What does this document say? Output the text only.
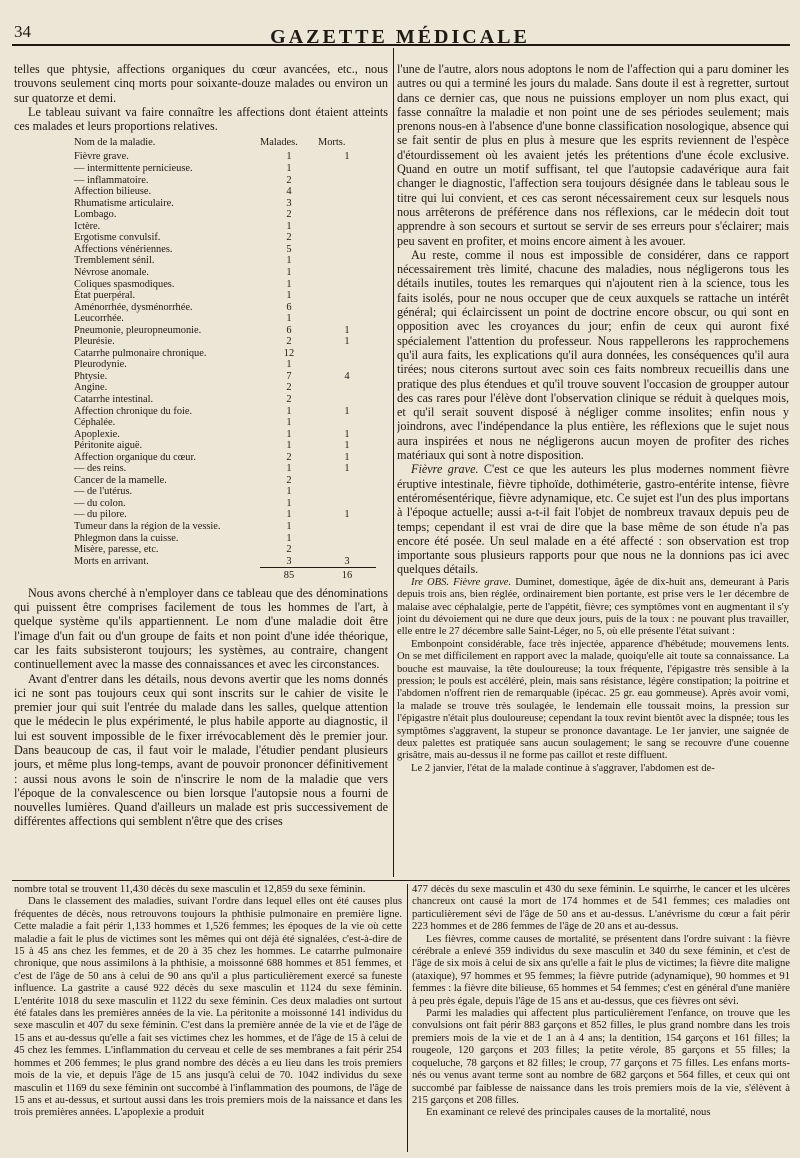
34	GAZETTE MÉDICALE

telles que phtysie, affections organiques du cœur avancées, etc., nous trouvons seulement cinq morts pour soixante-douze malades ou environ un sur quatorze et demi.

Le tableau suivant va faire connaître les affections dont étaient atteints ces malades et leurs proportions relatives.

Nom de la maladie.	Malades.	Morts.
Fièvre grave.	1	1
— intermittente pernicieuse.	1	
— inflammatoire.	2	
Affection bilieuse.	4	
Rhumatisme articulaire.	3	
Lombago.	2	
Ictère.	1	
Ergotisme convulsif.	2	
Affections vénériennes.	5	
Tremblement sénil.	1	
Névrose anomale.	1	
Coliques spasmodiques.	1	
État puerpéral.	1	
Aménorrhée, dysménorrhée.	6	
Leucorrhée.	1	
Pneumonie, pleuropneumonie.	6	1
Pleurésie.	2	1
Catarrhe pulmonaire chronique.	12	
Pleurodynie.	1	
Phtysie.	7	4
Angine.	2	
Catarrhe intestinal.	2	
Affection chronique du foie.	1	1
Céphalée.	1	
Apoplexie.	1	1
Péritonite aiguë.	1	1
Affection organique du cœur.	2	1
— des reins.	1	1
Cancer de la mamelle.	2	
— de l'utérus.	1	
— du colon.	1	
— du pilore.	1	1
Tumeur dans la région de la vessie.	1	
Phlegmon dans la cuisse.	1	
Misère, paresse, etc.	2	
Morts en arrivant.	3	3
	85	16

Nous avons cherché à n'employer dans ce tableau que des dénominations qui puissent être comprises facilement de tous les hommes de l'art, à quelque système qu'ils appartiennent. Le nom d'une maladie doit être l'image d'un fait ou d'un groupe de faits et non point d'une idée théorique, car les faits subsisteront toujours; les systèmes, au contraire, changent continuellement avec la masse des connaissances et avec les circonstances.

Avant d'entrer dans les détails, nous devons avertir que les noms donnés ici ne sont pas toujours ceux qui sont inscrits sur le cahier de visite le premier jour qui suit l'entrée du malade dans les salles, quelque attention que le médecin le plus expérimenté, le plus habile apporte au diagnostic, il lui est souvent impossible de le fixer irrévocablement dès le premier jour. Dans beaucoup de cas, il faut voir le malade, l'étudier pendant plusieurs jours, et même plus long-temps, avant de pouvoir prononcer définitivement : aussi nous avons le soin de n'inscrire le nom de la maladie que vers l'époque de la convalescence ou bien lorsque l'autopsie nous a fourni de nouvelles lumières. Quand d'ailleurs un malade est pris successivement de différentes affections qui semblent n'être que des crises

l'une de l'autre, alors nous adoptons le nom de l'affection qui a paru dominer les autres ou qui a terminé les jours du malade. Sans doute il est à regretter, surtout dans ce dernier cas, que nous ne puissions employer un nom plus exact, qui fasse connaître la maladie et non point une de ses périodes seulement; mais prenons nous-en à l'absence d'une bonne classification nosologique, absence qui se fait sentir de plus en plus à mesure que les esprits reviennent de l'espèce d'étourdissement où les avaient jetés les prétentions d'une école exclusive. Quand en outre un motif suffisant, tel que l'autopsie cadavérique aura fait changer le diagnostic, l'affection sera toujours désignée dans le tableau sous le titre qui lui convient, et ces cas seront nécessairement ceux sur lesquels nous nous arrêterons de préférence dans nos réflexions, car le médecin doit tout apprendre à son secours et surtout se servir de ses erreurs pour s'éclairer; mais peu savent en profiter, et moins encore aiment à les avouer.

Au reste, comme il nous est impossible de considérer, dans ce rapport nécessairement très limité, chacune des maladies, nous négligerons tous les détails inutiles, toutes les remarques qui n'ajoutent rien à la science, tous les faits isolés, pour ne nous occuper que de ceux auxquels se rattache un intérêt général; qui éclaircissent un point de doctrine encore obscur, ou qui sont en opposition avec les croyances du jour; enfin de ceux qui auront fixé spécialement l'attention du professeur. Nous rappellerons les rapprochemens qu'il aura faits, les explications qu'il aura données, les conséquences qu'il aura tirées; nous citerons surtout avec soin ces faits nombreux recueillis dans une pratique des plus étendues et qu'il trouve souvent l'occasion de groupper autour des cas rares pour l'élève dont l'observation clinique se réduit à quelques mois, et qu'il serait souvent disposé à négliger comme insolites; enfin nous y joindrons, avec l'indépendance la plus entière, les réflexions que le sujet nous aura inspirées et nous ne négligerons aucun moyen de profiter des riches matériaux qui sont à notre disposition.

Fièvre grave. C'est ce que les auteurs les plus modernes nomment fièvre éruptive intestinale, fièvre tiphoïde, dothiméterie, gastro-entérite intense, fièvre entéromésentérique, fièvre adynamique, etc. Ce sujet est l'un des plus importans à l'époque actuelle; aussi a-t-il fait l'objet de nombreux travaux depuis peu de temps; cependant il est vrai de dire que la base même de son étude n'a pas encore été posée. Un seul malade en a été affecté : son observation est trop importante sous plusieurs rapports pour que nous ne la donnions pas ici avec quelques détails.

Ire OBS. Fièvre grave. Duminet, domestique, âgée de dix-huit ans, demeurant à Paris depuis trois ans, bien réglée, ordinairement bien portante, est prise vers le 1er décembre de malaise avec céphalalgie, perte de l'appétit, fièvre; ces symptômes vont en augmentant il s'y joint du dévoiement qui ne dure que deux jours, puis de la toux : ne pouvant plus travailler, elle entre le 27 décembre salle Saint-Léger, no 5, où elle présente l'état suivant :

Embonpoint considérable, face très injectée, apparence d'hébétude; mouvemens lents. On se met difficilement en rapport avec la malade, quoiqu'elle ait toute sa connaissance. La bouche est mauvaise, la tête douloureuse; la toux fréquente, l'épigastre très sensible à la pression; le pouls est accéléré, plein, mais sans résistance, légère constipation; la poitrine et l'abdomen n'offrent rien de remarquable (ipécac. 25 gr. eau gommeuse). Après avoir vomi, la malade se trouve très soulagée, le lendemain elle toussait moins, la pression sur l'épigastre n'était plus douloureuse; cependant la toux revint bientôt avec la dispnée; tous les symptômes s'aggravent, la stupeur se prononce davantage. Le 1er janvier, une saignée de deux palettes est pratiquée sans aucun soulagement; le sang se recouvre d'une couenne grisâtre, mais au-dessus il ne forme pas caillot et reste diffluent.

Le 2 janvier, l'état de la malade continue à s'aggraver, l'abdomen est de-

nombre total se trouvent 11,430 décès du sexe masculin et 12,859 du sexe féminin.

Dans le classement des maladies, suivant l'ordre dans lequel elles ont été causes plus fréquentes de décès, nous retrouvons toujours la phthisie pulmonaire en première ligne. Cette maladie a fait périr 1,133 hommes et 1,526 femmes; les époques de la vie où cette maladie a fait le plus de victimes sont les mêmes qui ont déjà été signalées, c'est-à-dire de 15 à 45 ans chez les femmes, et de 20 à 35 chez les hommes. Le catarrhe pulmonaire chronique, que nous assimilons à la phthisie, a moissonné 688 hommes et 851 femmes, et c'est de l'âge de 50 ans à celui de 90 ans qu'il a plus particulièrement exercé sa funeste influence. La gastrite a causé 922 décès du sexe masculin et 1124 du sexe féminin. L'entérite 1018 du sexe masculin et 1122 du sexe féminin. Ces deux maladies ont surtout été fatales dans les premières années de la vie. La péritonite a moissonné 141 individus du sexe masculin et 407 du sexe féminin. C'est dans la première année de la vie et de l'âge de 15 ans et au-dessus qu'elle a fait ses victimes chez les hommes, et de l'âge de 15 à celui de 45 chez les femmes. L'inflammation du cerveau et celle de ses membranes a fait périr 254 hommes et 206 femmes; le plus grand nombre des décès a eu lieu dans les trois premiers mois de la vie, et depuis l'âge de 15 ans jusqu'à celui de 70. 1042 individus du sexe masculin et 1169 du sexe féminin ont succombé à l'inflammation des poumons, de l'âge de 15 ans et au-dessus, et surtout aussi dans les trois premiers mois de la naissance et dans les trois premières années. L'apoplexie a produit

477 décès du sexe masculin et 430 du sexe féminin. Le squirrhe, le cancer et les ulcères chancreux ont causé la mort de 174 hommes et de 541 femmes; ces maladies ont particulièrement sévi de l'âge de 50 ans et au-dessus. L'anévrisme du cœur a fait périr 223 hommes et de 286 femmes de l'âge de 20 ans et au-dessus.

Les fièvres, comme causes de mortalité, se présentent dans l'ordre suivant : la fièvre cérébrale a enlevé 359 individus du sexe masculin et 340 du sexe féminin, et c'est de l'âge de six mois à celui de six ans qu'elle a fait le plus de victimes; la fièvre dite maligne (ataxique), 97 hommes et 95 femmes; la fièvre putride (adynamique), 90 hommes et 91 femmes : la fièvre dite bilieuse, 65 hommes et 54 femmes; c'est en général d'une manière à peu près égale, depuis l'âge de 15 ans et au-dessus, que ces fièvres ont sévi.

Parmi les maladies qui affectent plus particulièrement l'enfance, on trouve que les convulsions ont fait périr 883 garçons et 852 filles, le plus grand nombre dans les trois premiers mois de la vie et de 1 an à 4 ans; la dentition, 154 garçons et 161 filles; la rougeole, 120 garçons et 203 filles; la petite vérole, 85 garçons et 55 filles; la coqueluche, 78 garçons et 82 filles; le croup, 77 garçons et 75 filles. Les enfans morts-nés ou venus avant terme sont au nombre de 682 garçons et 564 filles, et ceux qui ont succombé par faiblesse de naissance dans les trois premiers mois de la vie, s'élèvent à 215 garçons et 208 filles.

En examinant ce relevé des principales causes de la mortalité, nous
